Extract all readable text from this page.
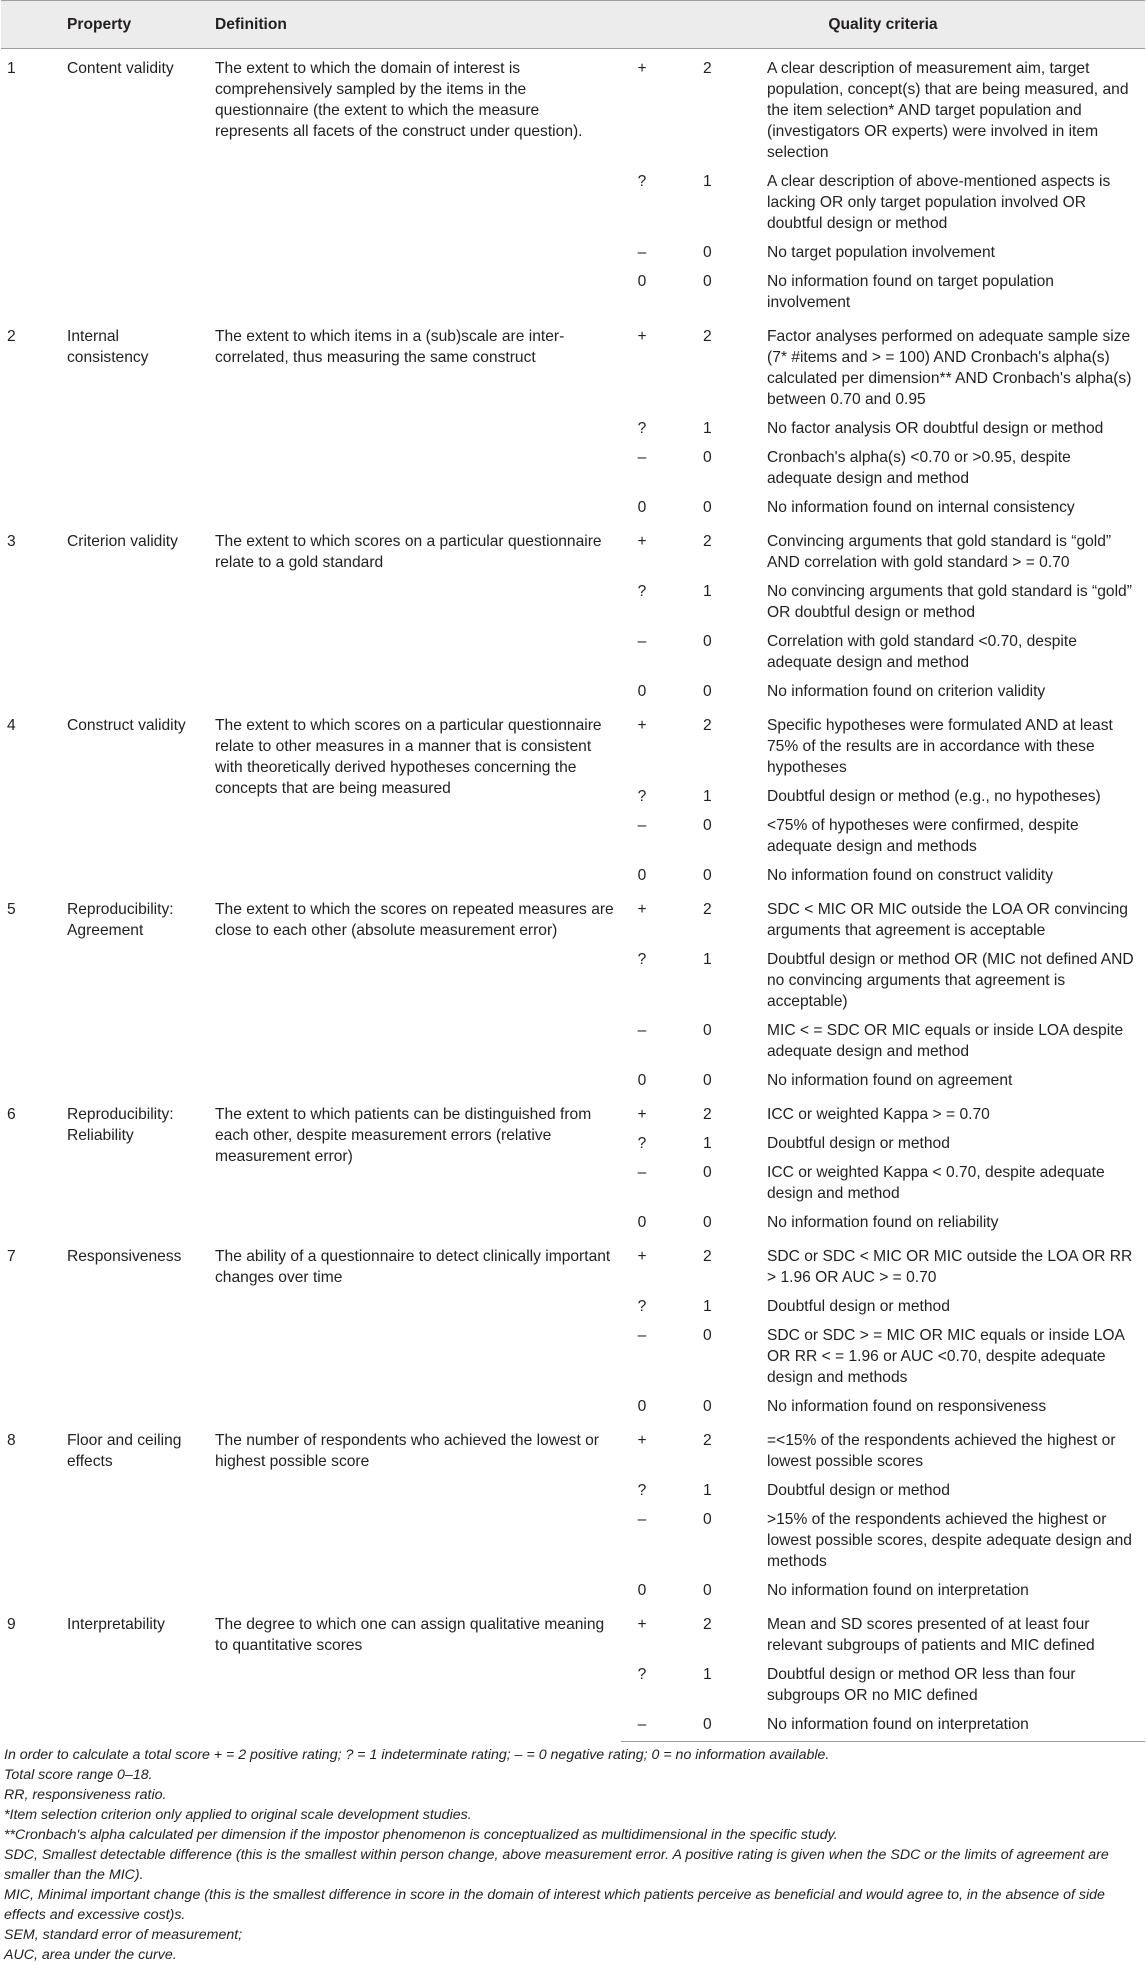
	Property	Definition	Quality criteria		
1	Content validity	The extent to which the domain of interest is comprehensively sampled by the items in the questionnaire (the extent to which the measure represents all facets of the construct under question).	+	2	A clear description of measurement aim, target population, concept(s) that are being measured, and the item selection* AND target population and (investigators OR experts) were involved in item selection
			?	1	A clear description of above-mentioned aspects is lacking OR only target population involved OR doubtful design or method
			–	0	No target population involvement
			0	0	No information found on target population involvement
2	Internal consistency	The extent to which items in a (sub)scale are inter-correlated, thus measuring the same construct	+	2	Factor analyses performed on adequate sample size (7* #items and > = 100) AND Cronbach's alpha(s) calculated per dimension** AND Cronbach's alpha(s) between 0.70 and 0.95
			?	1	No factor analysis OR doubtful design or method
			–	0	Cronbach's alpha(s) <0.70 or >0.95, despite adequate design and method
			0	0	No information found on internal consistency
3	Criterion validity	The extent to which scores on a particular questionnaire relate to a gold standard	+	2	Convincing arguments that gold standard is “gold” AND correlation with gold standard > = 0.70
			?	1	No convincing arguments that gold standard is “gold” OR doubtful design or method
			–	0	Correlation with gold standard <0.70, despite adequate design and method
			0	0	No information found on criterion validity
4	Construct validity	The extent to which scores on a particular questionnaire relate to other measures in a manner that is consistent with theoretically derived hypotheses concerning the concepts that are being measured	+	2	Specific hypotheses were formulated AND at least 75% of the results are in accordance with these hypotheses
			?	1	Doubtful design or method (e.g., no hypotheses)
			–	0	<75% of hypotheses were confirmed, despite adequate design and methods
			0	0	No information found on construct validity
5	Reproducibility: Agreement	The extent to which the scores on repeated measures are close to each other (absolute measurement error)	+	2	SDC < MIC OR MIC outside the LOA OR convincing arguments that agreement is acceptable
			?	1	Doubtful design or method OR (MIC not defined AND no convincing arguments that agreement is acceptable)
			–	0	MIC < = SDC OR MIC equals or inside LOA despite adequate design and method
			0	0	No information found on agreement
6	Reproducibility: Reliability	The extent to which patients can be distinguished from each other, despite measurement errors (relative measurement error)	+	2	ICC or weighted Kappa > = 0.70
			?	1	Doubtful design or method
			–	0	ICC or weighted Kappa < 0.70, despite adequate design and method
			0	0	No information found on reliability
7	Responsiveness	The ability of a questionnaire to detect clinically important changes over time	+	2	SDC or SDC < MIC OR MIC outside the LOA OR RR > 1.96 OR AUC > = 0.70
			?	1	Doubtful design or method
			–	0	SDC or SDC > = MIC OR MIC equals or inside LOA OR RR < = 1.96 or AUC <0.70, despite adequate design and methods
			0	0	No information found on responsiveness
8	Floor and ceiling effects	The number of respondents who achieved the lowest or highest possible score	+	2	=<15% of the respondents achieved the highest or lowest possible scores
			?	1	Doubtful design or method
			–	0	>15% of the respondents achieved the highest or lowest possible scores, despite adequate design and methods
			0	0	No information found on interpretation
9	Interpretability	The degree to which one can assign qualitative meaning to quantitative scores	+	2	Mean and SD scores presented of at least four relevant subgroups of patients and MIC defined
			?	1	Doubtful design or method OR less than four subgroups OR no MIC defined
			–	0	No information found on interpretation

In order to calculate a total score + = 2 positive rating; ? = 1 indeterminate rating; – = 0 negative rating; 0 = no information available.

Total score range 0–18.

RR, responsiveness ratio.

*Item selection criterion only applied to original scale development studies.

**Cronbach's alpha calculated per dimension if the impostor phenomenon is conceptualized as multidimensional in the specific study.

SDC, Smallest detectable difference (this is the smallest within person change, above measurement error. A positive rating is given when the SDC or the limits of agreement are smaller than the MIC).

MIC, Minimal important change (this is the smallest difference in score in the domain of interest which patients perceive as beneficial and would agree to, in the absence of side effects and excessive cost)s.

SEM, standard error of measurement;

AUC, area under the curve.
